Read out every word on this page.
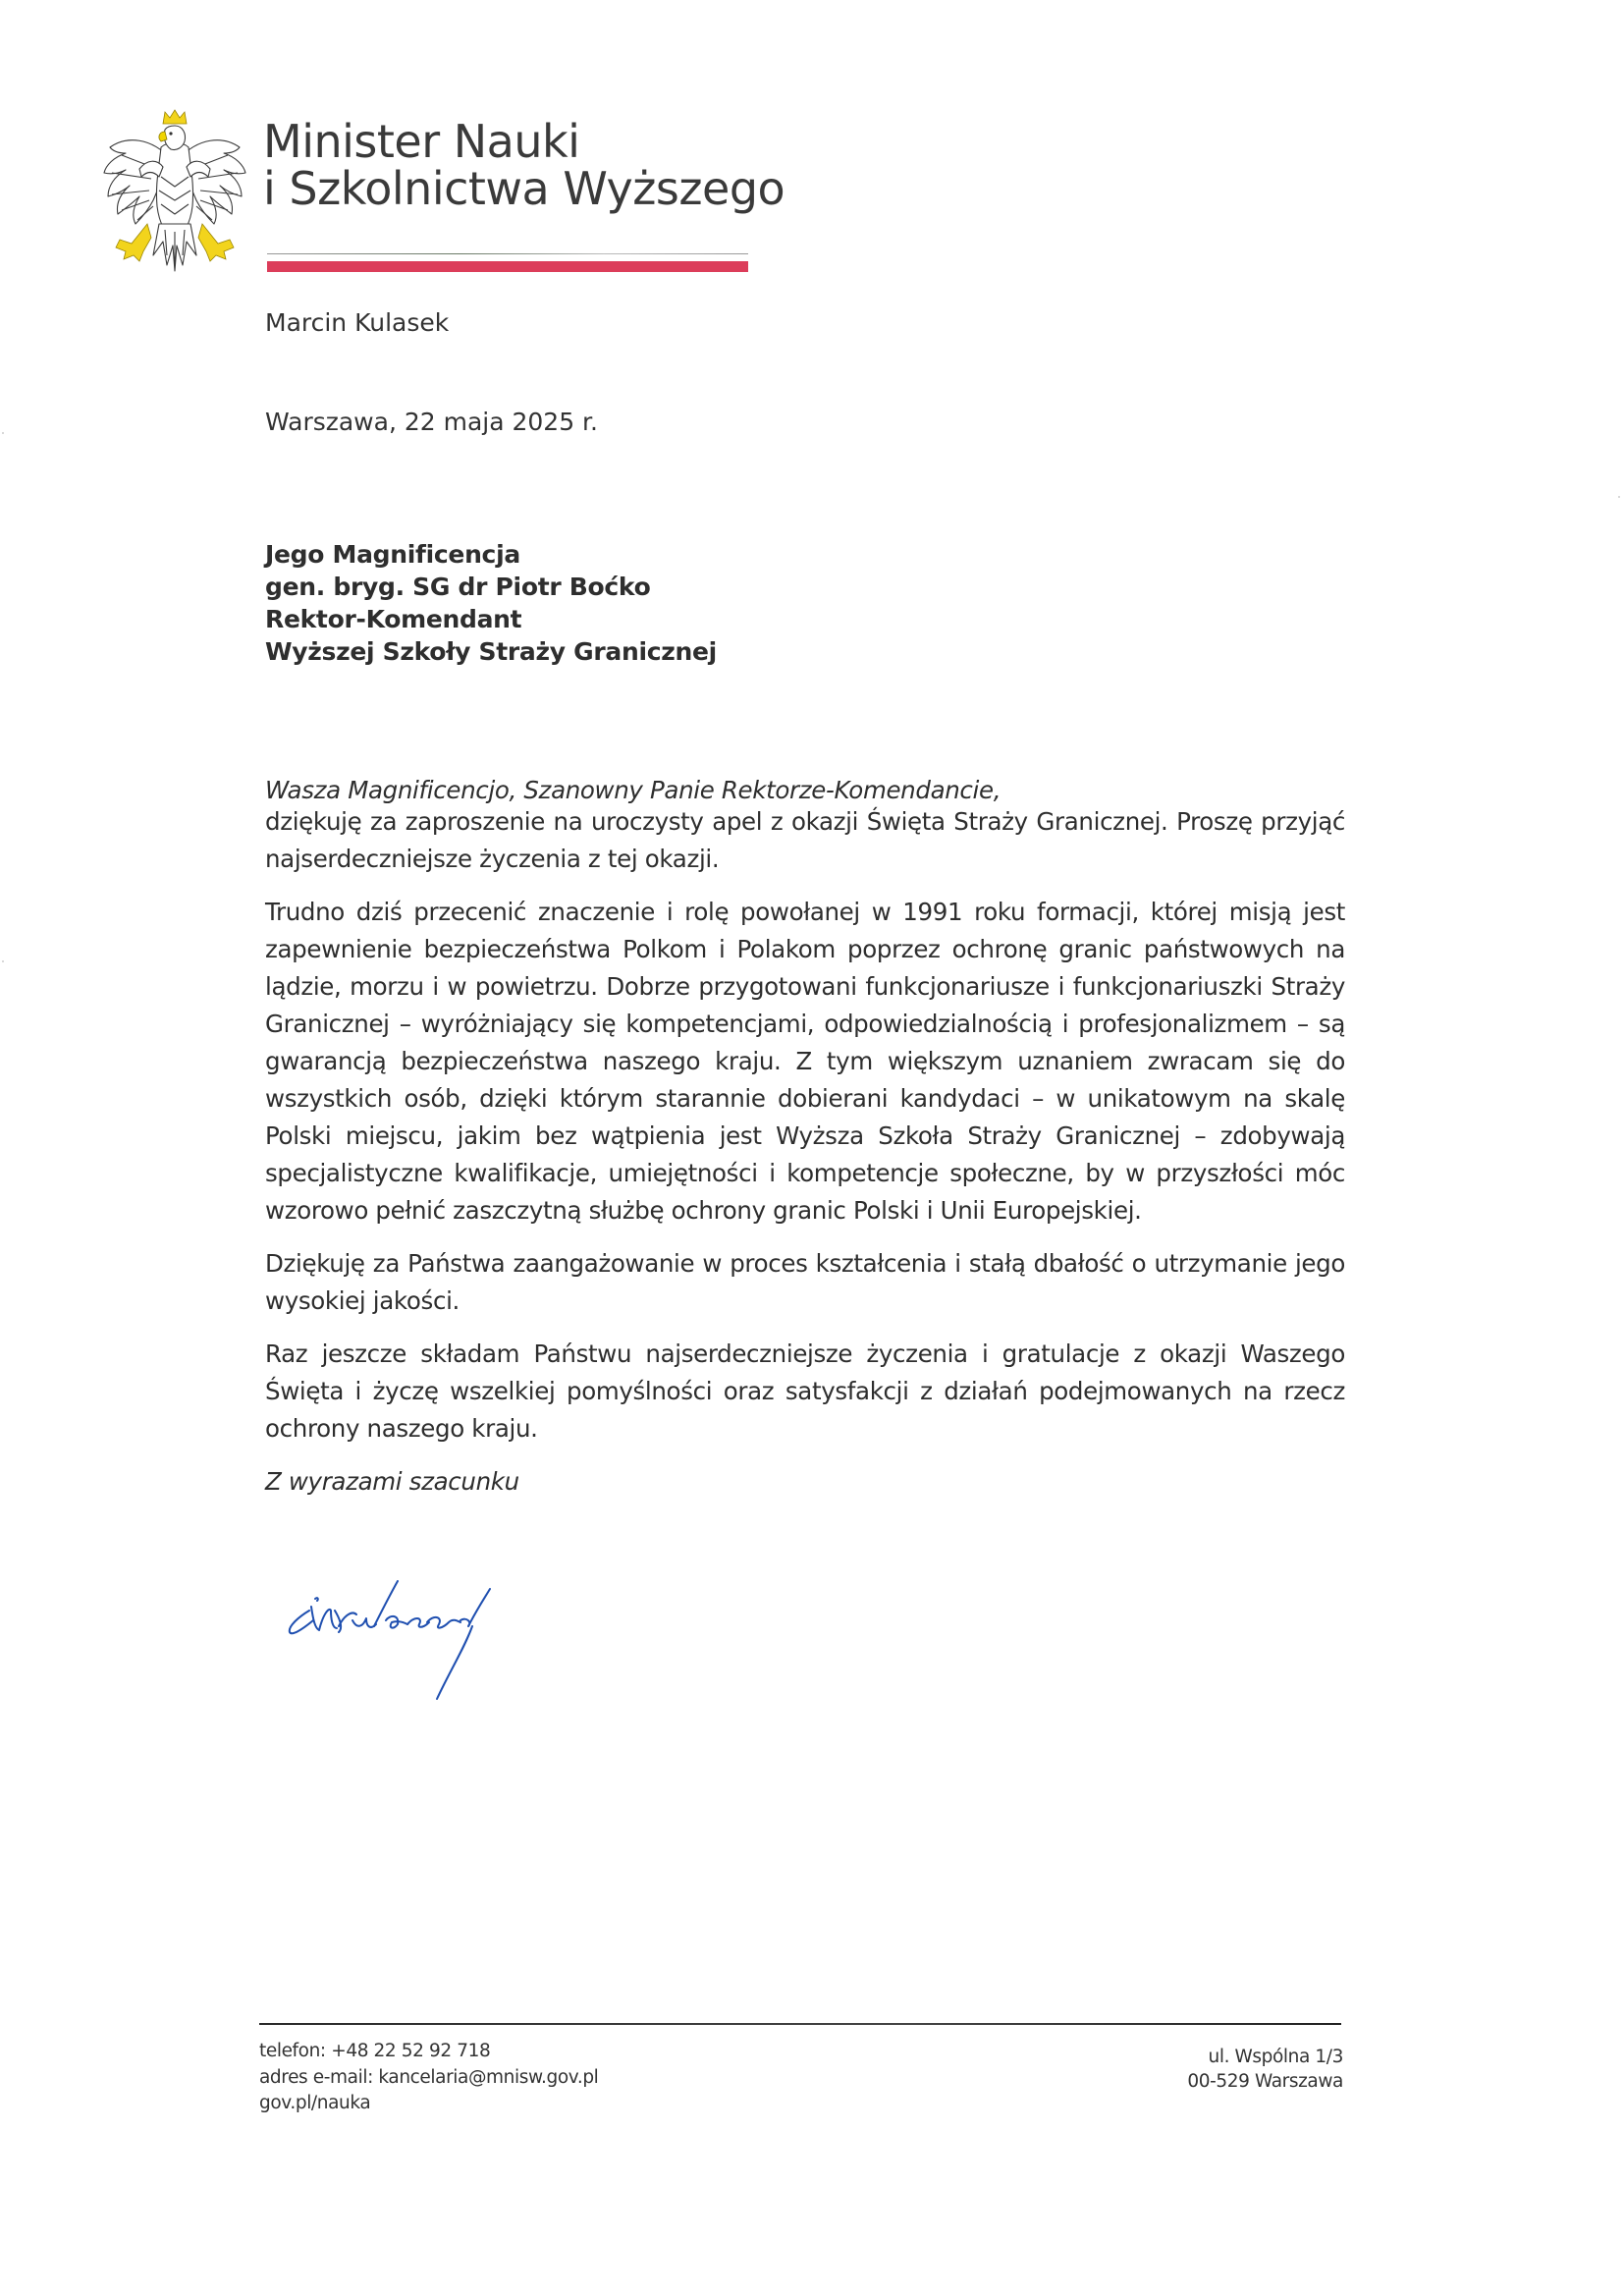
Minister Nauki
i Szkolnictwa Wyższego
Marcin Kulasek
Warszawa, 22 maja 2025 r.
Jego Magnificencja
gen. bryg. SG dr Piotr Boćko
Rektor-Komendant
Wyższej Szkoły Straży Granicznej

Wasza Magnificencjo, Szanowny Panie Rektorze-Komendancie,

dziękuję za zaproszenie na uroczysty apel z okazji Święta Straży Granicznej. Proszę przyjąć najserdeczniejsze życzenia z tej okazji.

Trudno dziś przecenić znaczenie i rolę powołanej w 1991 roku formacji, której misją jest zapewnienie bezpieczeństwa Polkom i Polakom poprzez ochronę granic państwowych na lądzie, morzu i w powietrzu. Dobrze przygotowani funkcjonariusze i funkcjonariuszki Straży Granicznej – wyróżniający się kompetencjami, odpowiedzialnością i profesjonalizmem – są gwarancją bezpieczeństwa naszego kraju. Z tym większym uznaniem zwracam się do wszystkich osób, dzięki którym starannie dobierani kandydaci – w unikatowym na skalę Polski miejscu, jakim bez wątpienia jest Wyższa Szkoła Straży Granicznej – zdobywają specjalistyczne kwalifikacje, umiejętności i kompetencje społeczne, by w przyszłości móc wzorowo pełnić zaszczytną służbę ochrony granic Polski i Unii Europejskiej.

Dziękuję za Państwa zaangażowanie w proces kształcenia i stałą dbałość o utrzymanie jego wysokiej jakości.

Raz jeszcze składam Państwu najserdeczniejsze życzenia i gratulacje z okazji Waszego Święta i życzę wszelkiej pomyślności oraz satysfakcji z działań podejmowanych na rzecz ochrony naszego kraju.

Z wyrazami szacunku

telefon: +48 22 52 92 718
adres e-mail: kancelaria@mnisw.gov.pl
gov.pl/nauka
ul. Wspólna 1/3
00-529 Warszawa
